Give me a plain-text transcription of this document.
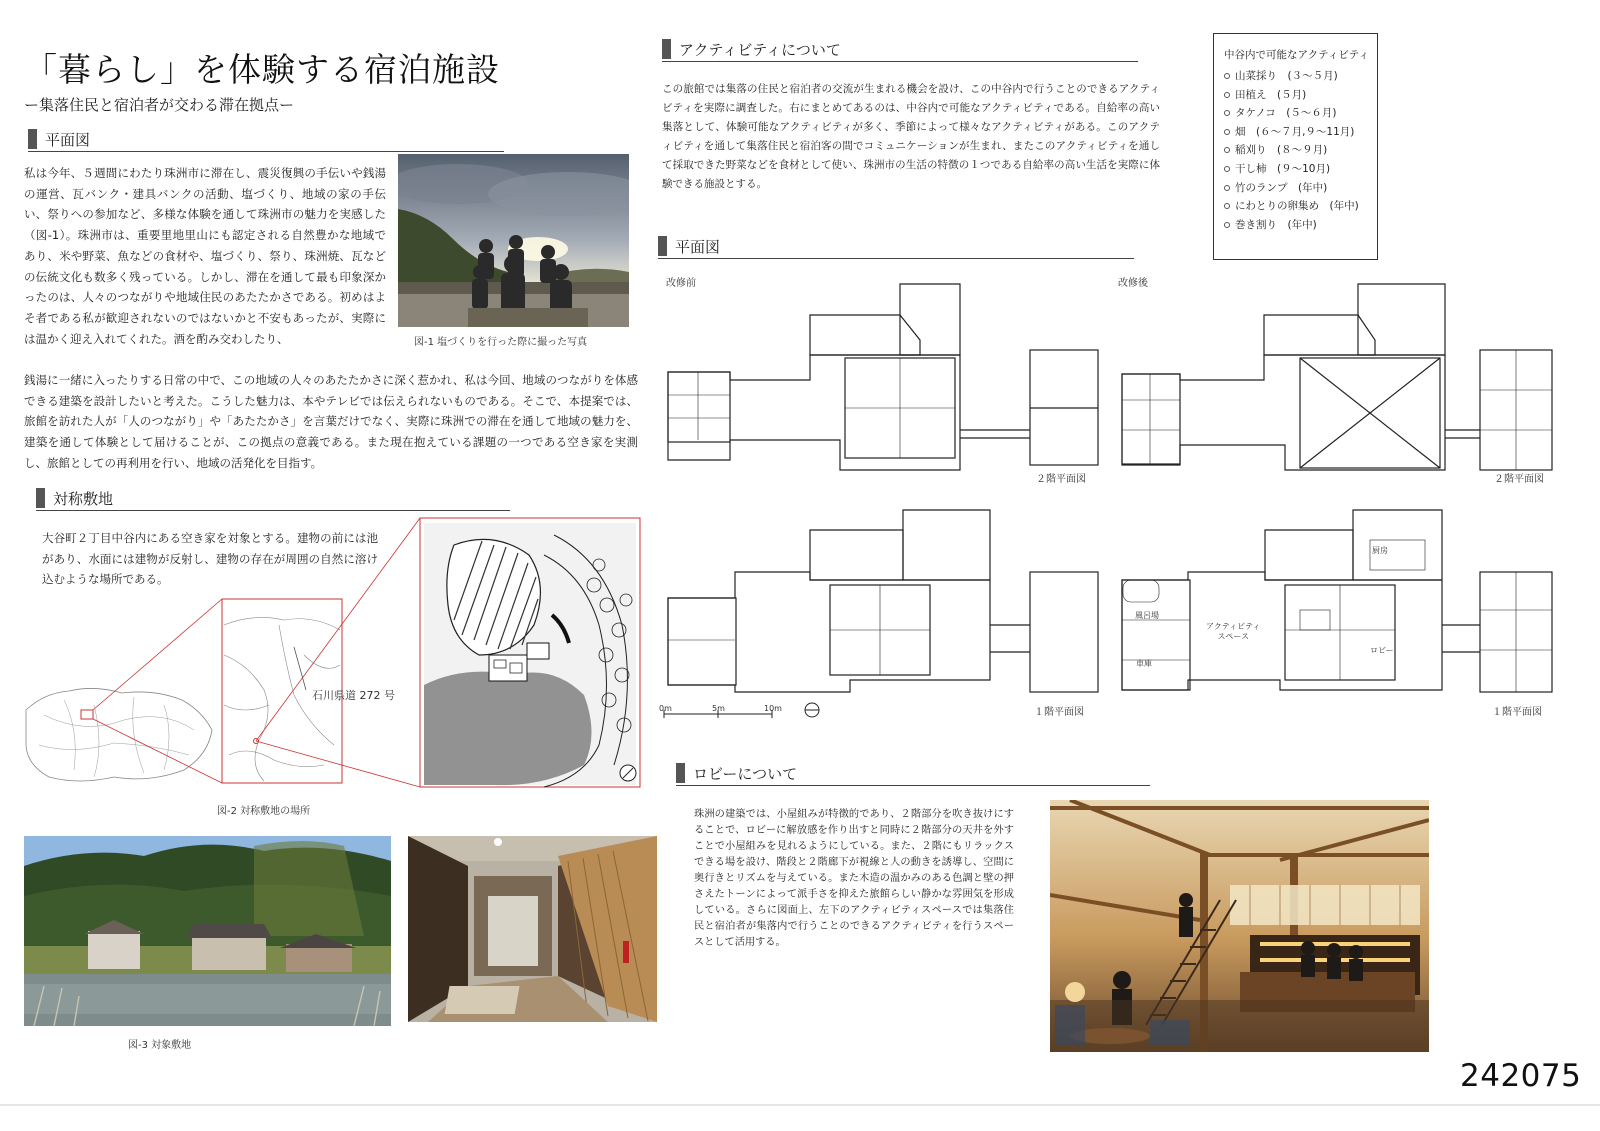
「暮らし」を体験する宿泊施設
ー集落住民と宿泊者が交わる滞在拠点ー
平面図
私は今年、５週間にわたり珠洲市に滞在し、震災復興の手伝いや銭湯の運営、瓦バンク・建具バンクの活動、塩づくり、地域の家の手伝い、祭りへの参加など、多様な体験を通して珠洲市の魅力を実感した（図-1）。珠洲市は、重要里地里山にも認定される自然豊かな地域であり、米や野菜、魚などの食材や、塩づくり、祭り、珠洲焼、瓦などの伝統文化も数多く残っている。しかし、滞在を通して最も印象深かったのは、人々のつながりや地域住民のあたたかさである。初めはよそ者である私が歓迎されないのではないかと不安もあったが、実際には温かく迎え入れてくれた。酒を酌み交わしたり、
銭湯に一緒に入ったりする日常の中で、この地域の人々のあたたかさに深く惹かれ、私は今回、地域のつながりを体感できる建築を設計したいと考えた。こうした魅力は、本やテレビでは伝えられないものである。そこで、本提案では、旅館を訪れた人が「人のつながり」や「あたたかさ」を言葉だけでなく、実際に珠洲での滞在を通して地域の魅力を、建築を通して体験として届けることが、この拠点の意義である。また現在抱えている課題の一つである空き家を実測し、旅館としての再利用を行い、地域の活発化を目指す。
図-1 塩づくりを行った際に撮った写真
対称敷地
大谷町２丁目中谷内にある空き家を対象とする。建物の前には池があり、水面には建物が反射し、建物の存在が周囲の自然に溶け込むような場所である。
石川県道 272 号
図-2 対称敷地の場所
図-3 対象敷地
アクティビティについて
この旅館では集落の住民と宿泊者の交流が生まれる機会を設け、この中谷内で行うことのできるアクティビティを実際に調査した。右にまとめてあるのは、中谷内で可能なアクティビティである。自給率の高い集落として、体験可能なアクティビティが多く、季節によって様々なアクティビティがある。このアクティビティを通して集落住民と宿泊客の間でコミュニケーションが生まれ、またこのアクティビティを通して採取できた野菜などを食材として使い、珠洲市の生活の特徴の１つである自給率の高い生活を実際に体験できる施設とする。
中谷内で可能なアクティビティ
山菜採り　(３～５月)
田植え　(５月)
タケノコ　(５～６月)
畑　(６～７月,９～11月)
稲刈り　(８～９月)
干し柿　(９～10月)
竹のランプ　(年中)
にわとりの卵集め　(年中)
巻き割り　(年中)
平面図
改修前	改修後
２階平面図	２階平面図
１階平面図	１階平面図
0m	5m	10m
厨房
アクティビティ
スペース
風呂場
車庫
ロビー
ロビーについて
珠洲の建築では、小屋組みが特徴的であり、２階部分を吹き抜けにすることで、ロビーに解放感を作り出すと同時に２階部分の天井を外すことで小屋組みを見れるようにしている。また、２階にもリラックスできる場を設け、階段と２階廊下が視線と人の動きを誘導し、空間に奥行きとリズムを与えている。また木造の温かみのある色調と壁の押さえたトーンによって派手さを抑えた旅館らしい静かな雰囲気を形成している。さらに図面上、左下のアクティビティスペースでは集落住民と宿泊者が集落内で行うことのできるアクティビティを行うスペースとして活用する。
242075
